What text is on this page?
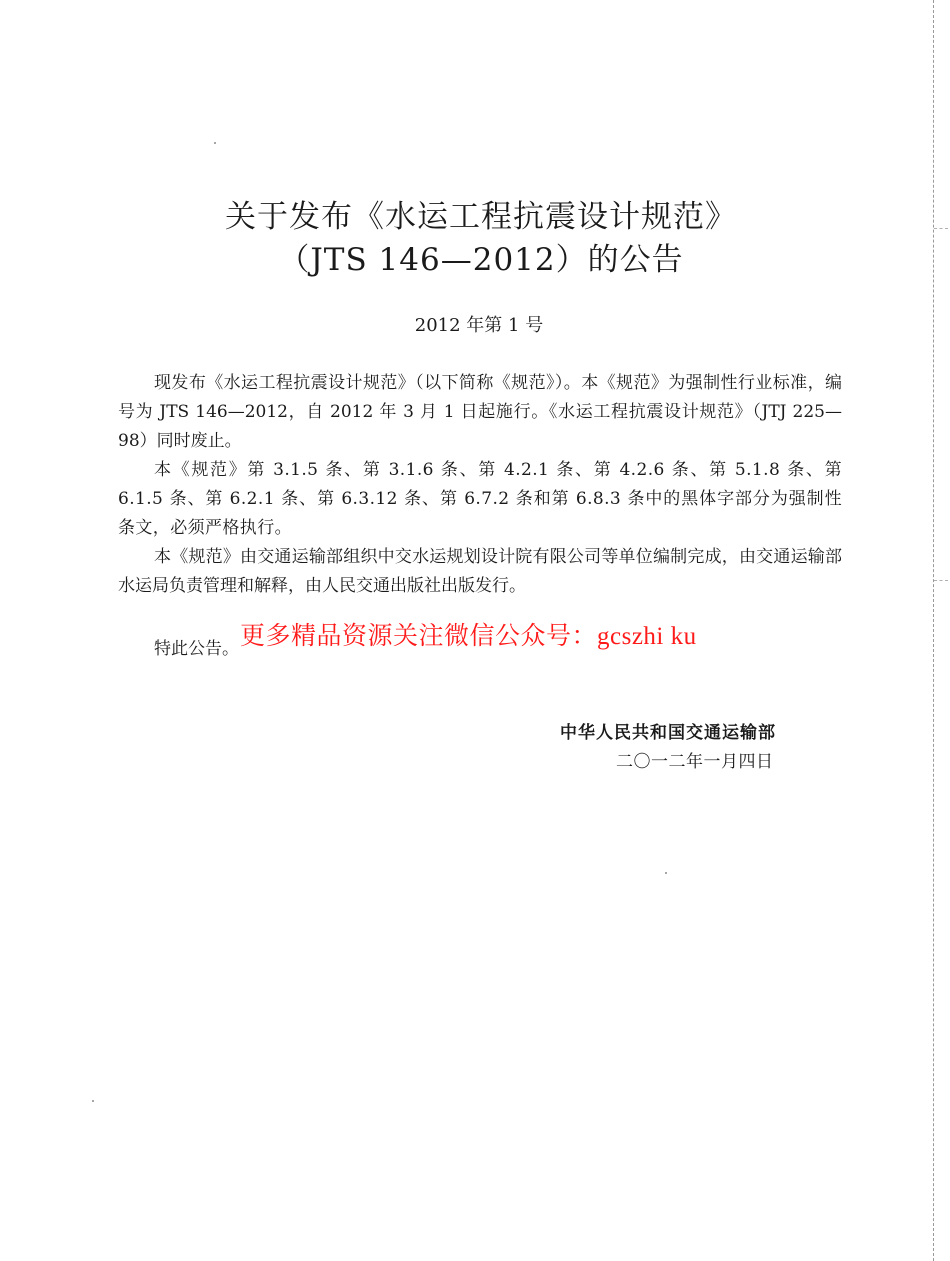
关于发布《水运工程抗震设计规范》
（JTS 146—2012）的公告
2012 年第 1 号
现发布《水运工程抗震设计规范》（以下简称《规范》）。本《规范》为强制性行业标准，编号为 JTS 146—2012，自 2012 年 3 月 1 日起施行。《水运工程抗震设计规范》（JTJ 225—98）同时废止。
本《规范》第 3.1.5 条、第 3.1.6 条、第 4.2.1 条、第 4.2.6 条、第 5.1.8 条、第 6.1.5 条、第 6.2.1 条、第 6.3.12 条、第 6.7.2 条和第 6.8.3 条中的黑体字部分为强制性条文，必须严格执行。
本《规范》由交通运输部组织中交水运规划设计院有限公司等单位编制完成，由交通运输部水运局负责管理和解释，由人民交通出版社出版发行。
特此公告。 更多精品资源关注微信公众号：gcszhi ku
中华人民共和国交通运输部
二〇一二年一月四日
